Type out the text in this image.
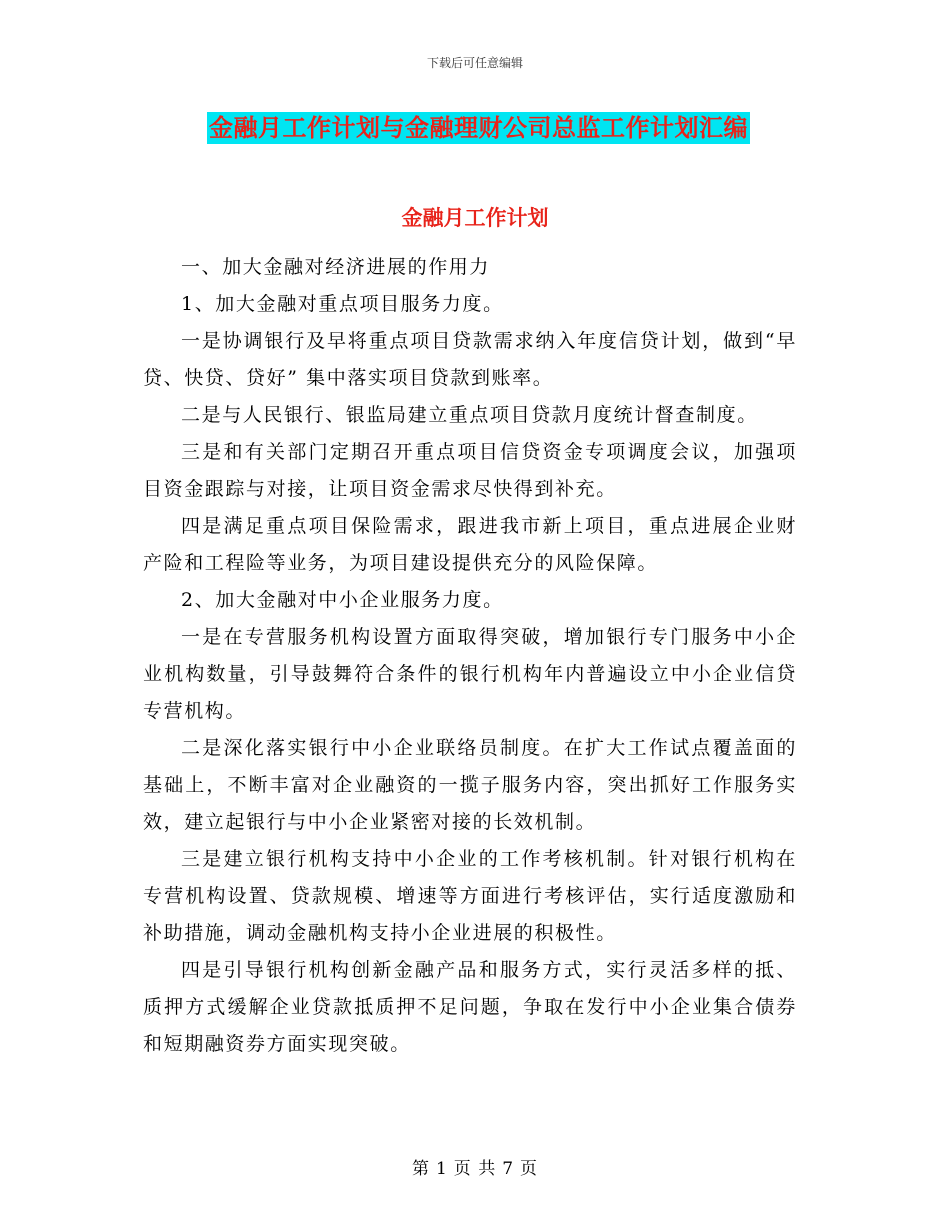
下载后可任意编辑
金融月工作计划与金融理财公司总监工作计划汇编
金融月工作计划

一、加大金融对经济进展的作用力

1、加大金融对重点项目服务力度。

一是协调银行及早将重点项目贷款需求纳入年度信贷计划，做到“早贷、快贷、贷好” 集中落实项目贷款到账率。

二是与人民银行、银监局建立重点项目贷款月度统计督查制度。

三是和有关部门定期召开重点项目信贷资金专项调度会议，加强项目资金跟踪与对接，让项目资金需求尽快得到补充。

四是满足重点项目保险需求，跟进我市新上项目，重点进展企业财产险和工程险等业务，为项目建设提供充分的风险保障。

2、加大金融对中小企业服务力度。

一是在专营服务机构设置方面取得突破，增加银行专门服务中小企业机构数量，引导鼓舞符合条件的银行机构年内普遍设立中小企业信贷专营机构。

二是深化落实银行中小企业联络员制度。在扩大工作试点覆盖面的基础上，不断丰富对企业融资的一揽子服务内容，突出抓好工作服务实效，建立起银行与中小企业紧密对接的长效机制。

三是建立银行机构支持中小企业的工作考核机制。针对银行机构在专营机构设置、贷款规模、增速等方面进行考核评估，实行适度激励和补助措施，调动金融机构支持小企业进展的积极性。

四是引导银行机构创新金融产品和服务方式，实行灵活多样的抵、质押方式缓解企业贷款抵质押不足问题，争取在发行中小企业集合债券和短期融资券方面实现突破。

第 1 页 共 7 页
